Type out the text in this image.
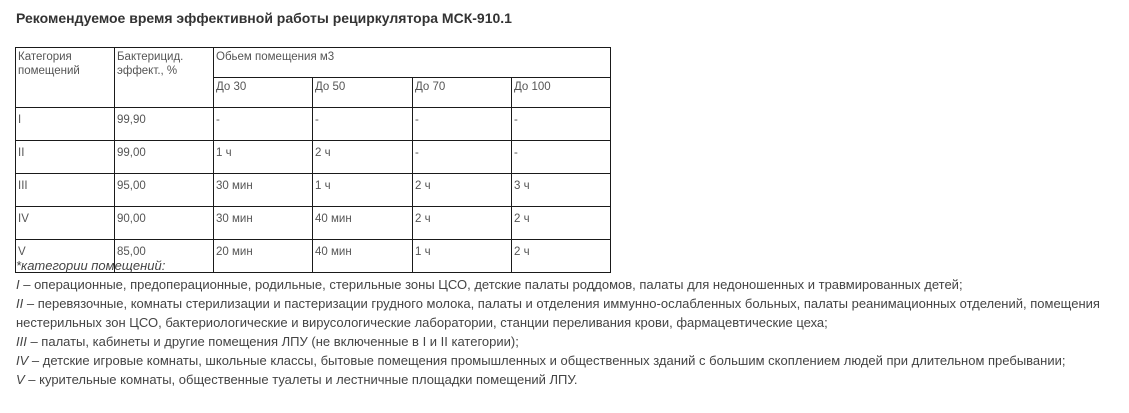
Рекомендуемое время эффективной работы рециркулятора МСК-910.1
Категория помещений	Бактерицид. эффект., %	Обьем помещения м3			
		До 30	До 50	До 70	До 100
I	99,90	-	-	-	-
II	99,00	1 ч	2 ч	-	-
III	95,00	30 мин	1 ч	2 ч	3 ч
IV	90,00	30 мин	40 мин	2 ч	2 ч
V	85,00	20 мин	40 мин	1 ч	2 ч

*категории помещений:

I – операционные, предоперационные, родильные, стерильные зоны ЦСО, детские палаты роддомов, палаты для недоношенных и травмированных детей;

II – перевязочные, комнаты стерилизации и пастеризации грудного молока, палаты и отделения иммунно-ослабленных больных, палаты реанимационных отделений, помещения нестерильных зон ЦСО, бактериологические и вирусологические лаборатории, станции переливания крови, фармацевтические цеха;

III – палаты, кабинеты и другие помещения ЛПУ (не включенные в I и II категории);

IV – детские игровые комнаты, школьные классы, бытовые помещения промышленных и общественных зданий с большим скоплением людей при длительном пребывании;

V – курительные комнаты, общественные туалеты и лестничные площадки помещений ЛПУ.
